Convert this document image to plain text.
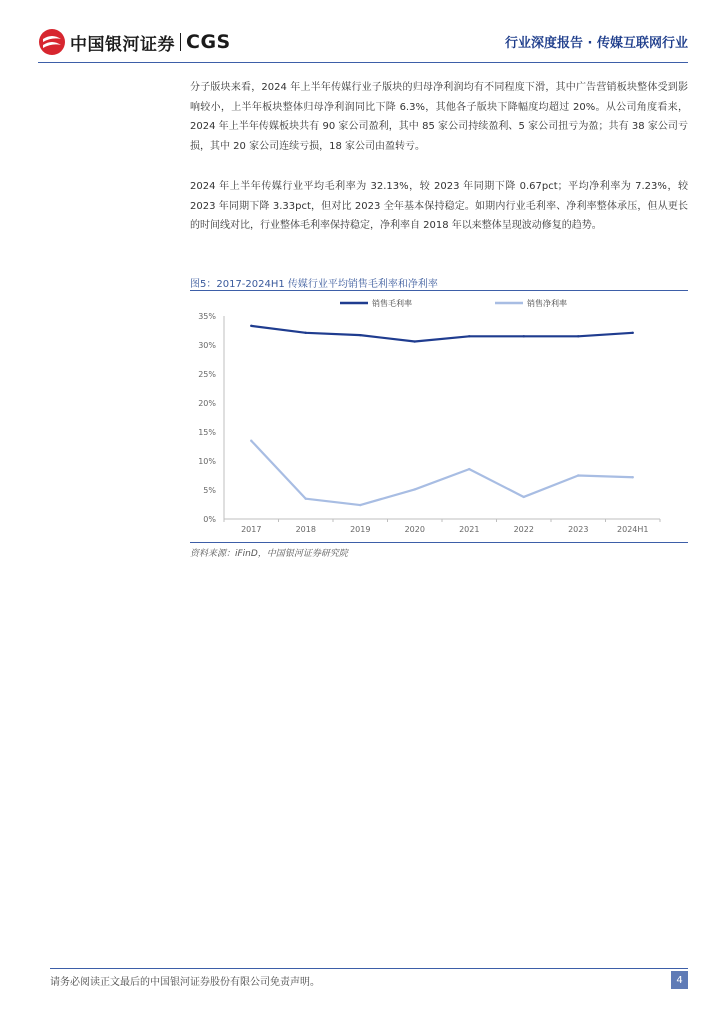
中国银河证券 CGS	行业深度报告 · 传媒互联网行业

分子版块来看，2024 年上半年传媒行业子版块的归母净利润均有不同程度下滑，其中广告营销板块整体受到影响较小，上半年板块整体归母净利润同比下降 6.3%，其他各子版块下降幅度均超过 20%。从公司角度看来，2024 年上半年传媒板块共有 90 家公司盈利，其中 85 家公司持续盈利、5 家公司扭亏为盈；共有 38 家公司亏损，其中 20 家公司连续亏损，18 家公司由盈转亏。

2024 年上半年传媒行业平均毛利率为 32.13%，较 2023 年同期下降 0.67pct；平均净利率为 7.23%，较 2023 年同期下降 3.33pct，但对比 2023 全年基本保持稳定。如期内行业毛利率、净利率整体承压，但从更长的时间线对比，行业整体毛利率保持稳定，净利率自 2018 年以来整体呈现波动修复的趋势。

图5：2017-2024H1 传媒行业平均销售毛利率和净利率
0%
5%
10%
15%
20%
25%
30%
35%
2017	2018	2019	2020	2021	2022	2023	2024H1
销售毛利率	销售净利率
资料来源：iFinD，中国银河证券研究院
请务必阅读正文最后的中国银河证券股份有限公司免责声明。	4
